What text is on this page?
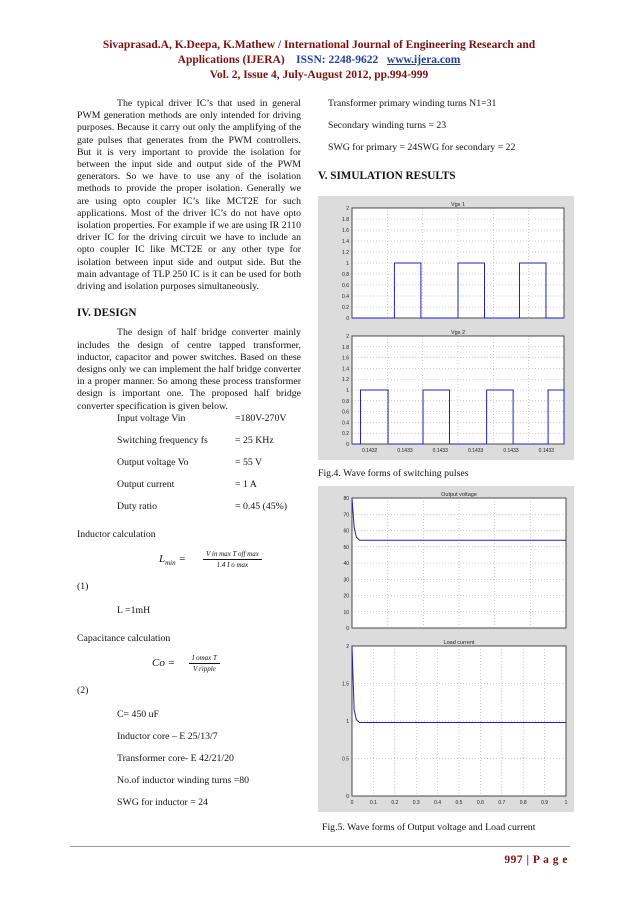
Sivaprasad.A, K.Deepa, K.Mathew / International Journal of Engineering Research and
Applications (IJERA) ISSN: 2248-9622 www.ijera.com
Vol. 2, Issue 4, July-August 2012, pp.994-999

The typical driver IC’s that used in general PWM generation methods are only intended for driving purposes. Because it carry out only the amplifying of the gate pulses that generates from the PWM controllers. But it is very important to provide the isolation for between the input side and output side of the PWM generators. So we have to use any of the isolation methods to provide the proper isolation. Generally we are using opto coupler IC’s like MCT2E for such applications. Most of the driver IC’s do not have opto isolation properties. For example if we are using IR 2110 driver IC for the driving circuit we have to include an opto coupler IC like MCT2E or any other type for isolation between input side and output side. But the main advantage of TLP 250 IC is it can be used for both driving and isolation purposes simultaneously.

IV. DESIGN

The design of half bridge converter mainly includes the design of centre tapped transformer, inductor, capacitor and power switches. Based on these designs only we can implement the half bridge converter in a proper manner. So among these process transformer design is important one. The proposed half bridge converter specification is given below.

Input voltage Vin	=180V-270V
Switching frequency fs	= 25 KHz
Output voltage Vo	= 55 V
Output current	= 1 A
Duty ratio	= 0.45 (45%)
Inductor calculation
$L_{min}$ =	V in max T off max
1.4 I o max
(1)
L =1mH
Capacitance calculation
Co =	I omax T
V ripple
(2)
C= 450 uF
Inductor core – E 25/13/7
Transformer core- E 42/21/20
No.of inductor winding turns =80
SWG for inductor = 24
Transformer primary winding turns N1=31
Secondary winding turns = 23
SWG for primary = 24SWG for secondary = 22
V. SIMULATION RESULTS
Vgs 1
0
0.2
0.4
0.6
0.8
1
1.2
1.4
1.6
1.8
2
Vgs 2
0
0.2
0.4
0.6
0.8
1
1.2
1.4
1.6
1.8
2
0.1432	0.1433	0.1433	0.1433	0.1433	0.1433
Fig.4. Wave forms of switching pulses
Output voltage
0
10
20
30
40
50
60
70
80
Load current
0
0.5
1
1.5
2
0	0.1	0.2	0.3	0.4	0.5	0.6	0.7	0.8	0.9	1
Fig.5. Wave forms of Output voltage and Load current
997 | P a g e
